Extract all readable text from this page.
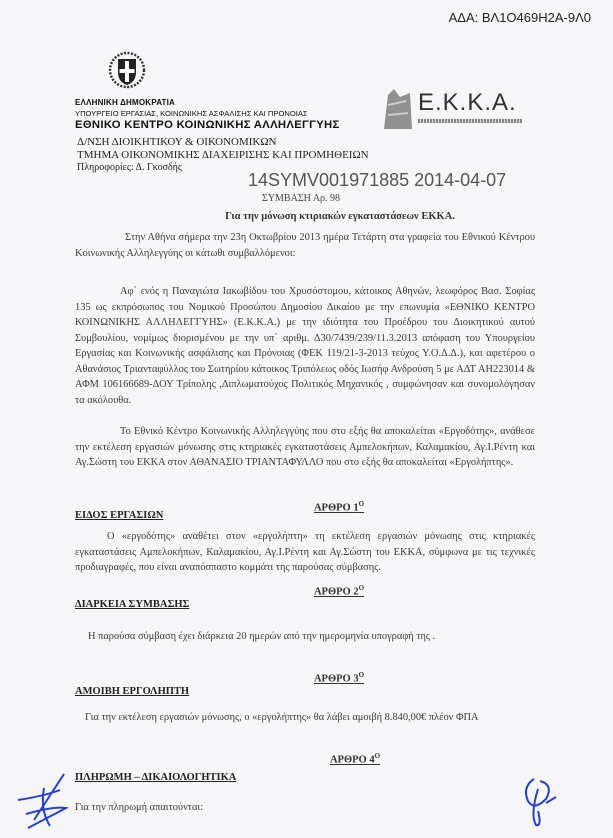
ΑΔΑ: ΒΛ1Ο469Η2Α-9Λ0
ΕΛΛΗΝΙΚΗ ΔΗΜΟΚΡΑΤΙΑ
ΥΠΟΥΡΓΕΙΟ ΕΡΓΑΣΙΑΣ, ΚΟΙΝΩΝΙΚΗΣ ΑΣΦΑΛΙΣΗΣ ΚΑΙ ΠΡΟΝΟΙΑΣ
ΕΘΝΙΚΟ ΚΕΝΤΡΟ ΚΟΙΝΩΝΙΚΗΣ ΑΛΛΗΛΕΓΓΥΗΣ
Ε.Κ.Κ.Α.
Δ/ΝΣΗ ΔΙΟΙΚΗΤΙΚΟΥ & ΟΙΚΟΝΟΜΙΚΩΝ
ΤΜΗΜΑ ΟΙΚΟΝΟΜΙΚΗΣ ΔΙΑΧΕΙΡΙΣΗΣ ΚΑΙ ΠΡΟΜΗΘΕΙΩΝ
Πληροφορίες: Δ. Γκοσδής
14SYMV001971885 2014-04-07
ΣΥΜΒΑΣΗ Αρ. 98
Για την μόνωση κτιριακών εγκαταστάσεων ΕΚΚΑ.
Στην Αθήνα σήμερα την 23η Οκτωβρίου 2013 ημέρα Τετάρτη στα γραφεία του Εθνικού Κέντρου Κοινωνικής Αλληλεγγύης οι κάτωθι συμβαλλόμενοι:
Αφ΄ ενός η Παναγιώτα Ιακωβίδου του Χρυσόστομου, κάτοικος Αθηνών, λεωφόρος Βασ. Σοφίας 135 ως εκπρόσωπος του Νομικού Προσώπου Δημοσίου Δικαίου με την επωνυμία «ΕΘΝΙΚΟ ΚΕΝΤΡΟ ΚΟΙΝΩΝΙΚΗΣ ΑΛΛΗΛΕΓΓΥΗΣ» (Ε.Κ.Κ.Α.) με την ιδιότητα του Προέδρου του Διοικητικού αυτού Συμβουλίου, νομίμως διορισμένου με την υπ΄ αριθμ. Δ30/7439/239/11.3.2013 απόφαση του Υπουργείου Εργασίας και Κοινωνικής ασφάλισης και Πρόνοιας (ΦΕΚ 119/21-3-2013 τεύχος Υ.Ο.Δ.Δ.), και αφετέρου ο Αθανάσιος Τριανταφύλλος του Σωτηρίου κάτοικος Τριπόλεως οδός Ιωσήφ Ανδρούση 5 με ΑΔΤ ΑΗ223014 & ΑΦΜ 106166689-ΔΟΥ Τρίπολης ,Διπλωματούχος Πολιτικός Μηχανικός , συμφώνησαν και συνομολόγησαν τα ακόλουθα.
Το Εθνικό Κέντρο Κοινωνικής Αλληλεγγύης που στο εξής θα αποκαλείται «Εργοδότης», ανάθεσε την εκτέλεση εργασιών μόνωσης στις κτηριακές εγκαταστάσεις Αμπελοκήπων, Καλαμακίου, Αγ.Ι.Ρέντη και Αγ.Σώστη του ΕΚΚΑ στον ΑΘΑΝΑΣΙΟ ΤΡΙΑΝΤΑΦΥΛΛΟ που στο εξής θα αποκαλείται «Εργολήπτης».
ΑΡΘΡΟ $1^O$
ΕΙΔΟΣ ΕΡΓΑΣΙΩΝ
Ο «εργοδότης» αναθέτει στον «εργολήπτη» τη εκτέλεση εργασιών μόνωσης στις κτηριακές εγκαταστάσεις Αμπελοκήπων, Καλαμακίου, Αγ.Ι.Ρέντη και Αγ.Σώστη του ΕΚΚΑ, σύμφωνα με τις τεχνικές προδιαγραφές, που είναι αναπόσπαστο κομμάτι της παρούσας σύμβασης.
ΑΡΘΡΟ $2^O$
ΔΙΑΡΚΕΙΑ ΣΥΜΒΑΣΗΣ
Η παρούσα σύμβαση έχει διάρκεια 20 ημερών από την ημερομηνία υπογραφή της .
ΑΡΘΡΟ $3^O$
ΑΜΟΙΒΗ ΕΡΓΟΛΗΠΤΗ
Για την εκτέλεση εργασιών μόνωσης, ο «εργολήπτης» θα λάβει αμοιβή 8.840,00€ πλέον ΦΠΑ
ΑΡΘΡΟ $4^O$
ΠΛΗΡΩΜΗ – ΔΙΚΑΙΟΛΟΓΗΤΙΚΑ
Για την πληρωμή απαιτούνται:
